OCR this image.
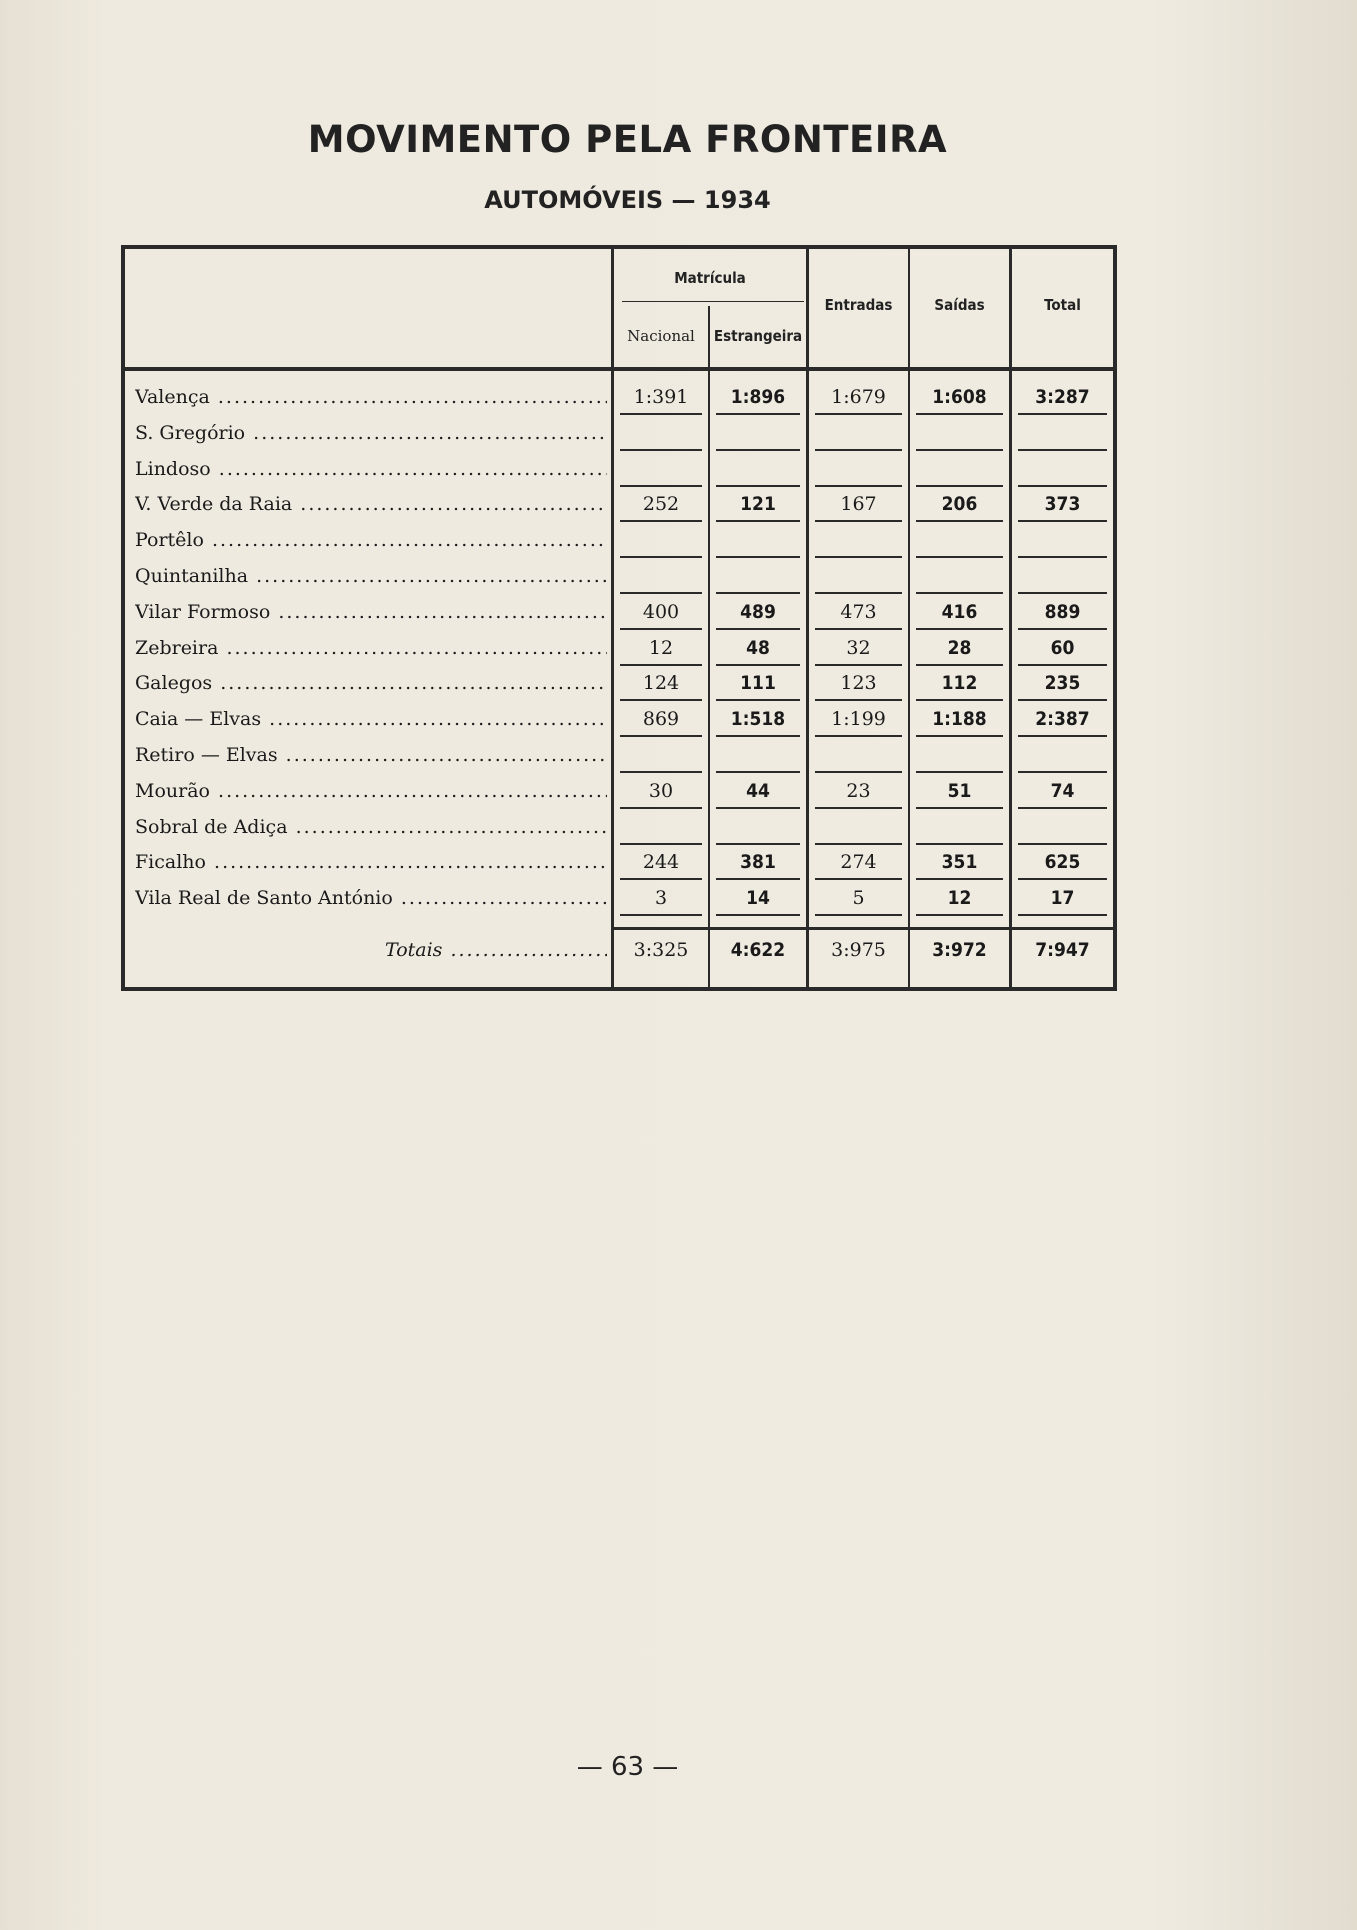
MOVIMENTO PELA FRONTEIRA
AUTOMÓVEIS — 1934
Matrícula
Nacional	Estrangeira
Entradas	Saídas	Total
Valença .....	1:391	1:896	1:679	1:608	3:287
S. Gregório .....
Lindoso .....
V. Verde da Raia .....	252	121	167	206	373
Portêlo .....
Quintanilha .....
Vilar Formoso .....	400	489	473	416	889
Zebreira .....	12	48	32	28	60
Galegos .....	124	111	123	112	235
Caia — Elvas .....	869	1:518	1:199	1:188	2:387
Retiro — Elvas .....
Mourão .....	30	44	23	51	74
Sobral de Adiça .....
Ficalho .....	244	381	274	351	625
Vila Real de Santo António .....	3	14	5	12	17
Totais .....	3:325	4:622	3:975	3:972	7:947
— 63 —
